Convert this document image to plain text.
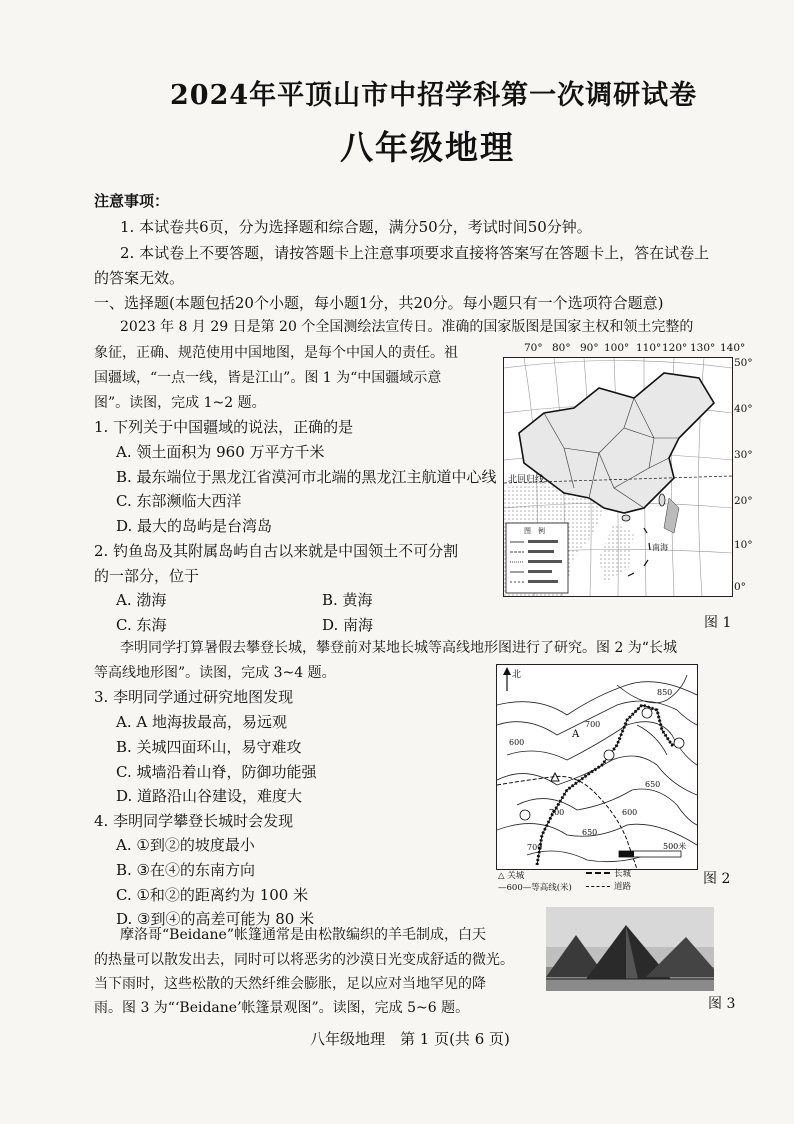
2024年平顶山市中招学科第一次调研试卷
八年级地理
注意事项：
1. 本试卷共6页，分为选择题和综合题，满分50分，考试时间50分钟。
2. 本试卷上不要答题，请按答题卡上注意事项要求直接将答案写在答题卡上，答在试卷上
的答案无效。
一、选择题(本题包括20个小题，每小题1分，共20分。每小题只有一个选项符合题意)
2023 年 8 月 29 日是第 20 个全国测绘法宣传日。准确的国家版图是国家主权和领土完整的
象征，正确、规范使用中国地图，是每个中国人的责任。祖
国疆域，“一点一线，皆是江山”。图 1 为“中国疆域示意
图”。读图，完成 1~2 题。
1. 下列关于中国疆域的说法，正确的是
A. 领土面积为 960 万平方千米
B. 最东端位于黑龙江省漠河市北端的黑龙江主航道中心线
C. 东部濒临大西洋
D. 最大的岛屿是台湾岛
2. 钓鱼岛及其附属岛屿自古以来就是中国领土不可分割
的一部分，位于
A. 渤海	B. 黄海
C. 东海	D. 南海
70° 80° 90° 100° 110° 120° 130° 140°
北回归线
南海
图　例
50°
40°
30°
20°
10°
0°
图 1
李明同学打算暑假去攀登长城，攀登前对某地长城等高线地形图进行了研究。图 2 为“长城
等高线地形图”。读图，完成 3~4 题。
3. 李明同学通过研究地图发现
A. A 地海拔最高，易远观
B. 关城四面环山，易守难攻
C. 城墙沿着山脊，防御功能强
D. 道路沿山谷建设，难度大
4. 李明同学攀登长城时会发现
A. ①到②的坡度最小
B. ③在④的东南方向
C. ①和②的距离约为 100 米
D. ③到④的高差可能为 80 米
北
A
850
700
600
650
600
700
650
700	500米
△ 关城
—600—等高线(米)
长城
道路	图 2
摩洛哥“Beidane”帐篷通常是由松散编织的羊毛制成，白天
的热量可以散发出去，同时可以将恶劣的沙漠日光变成舒适的微光。
当下雨时，这些松散的天然纤维会膨胀，足以应对当地罕见的降
雨。图 3 为“‘Beidane’帐篷景观图”。读图，完成 5~6 题。	图 3
八年级地理　第 1 页(共 6 页)
